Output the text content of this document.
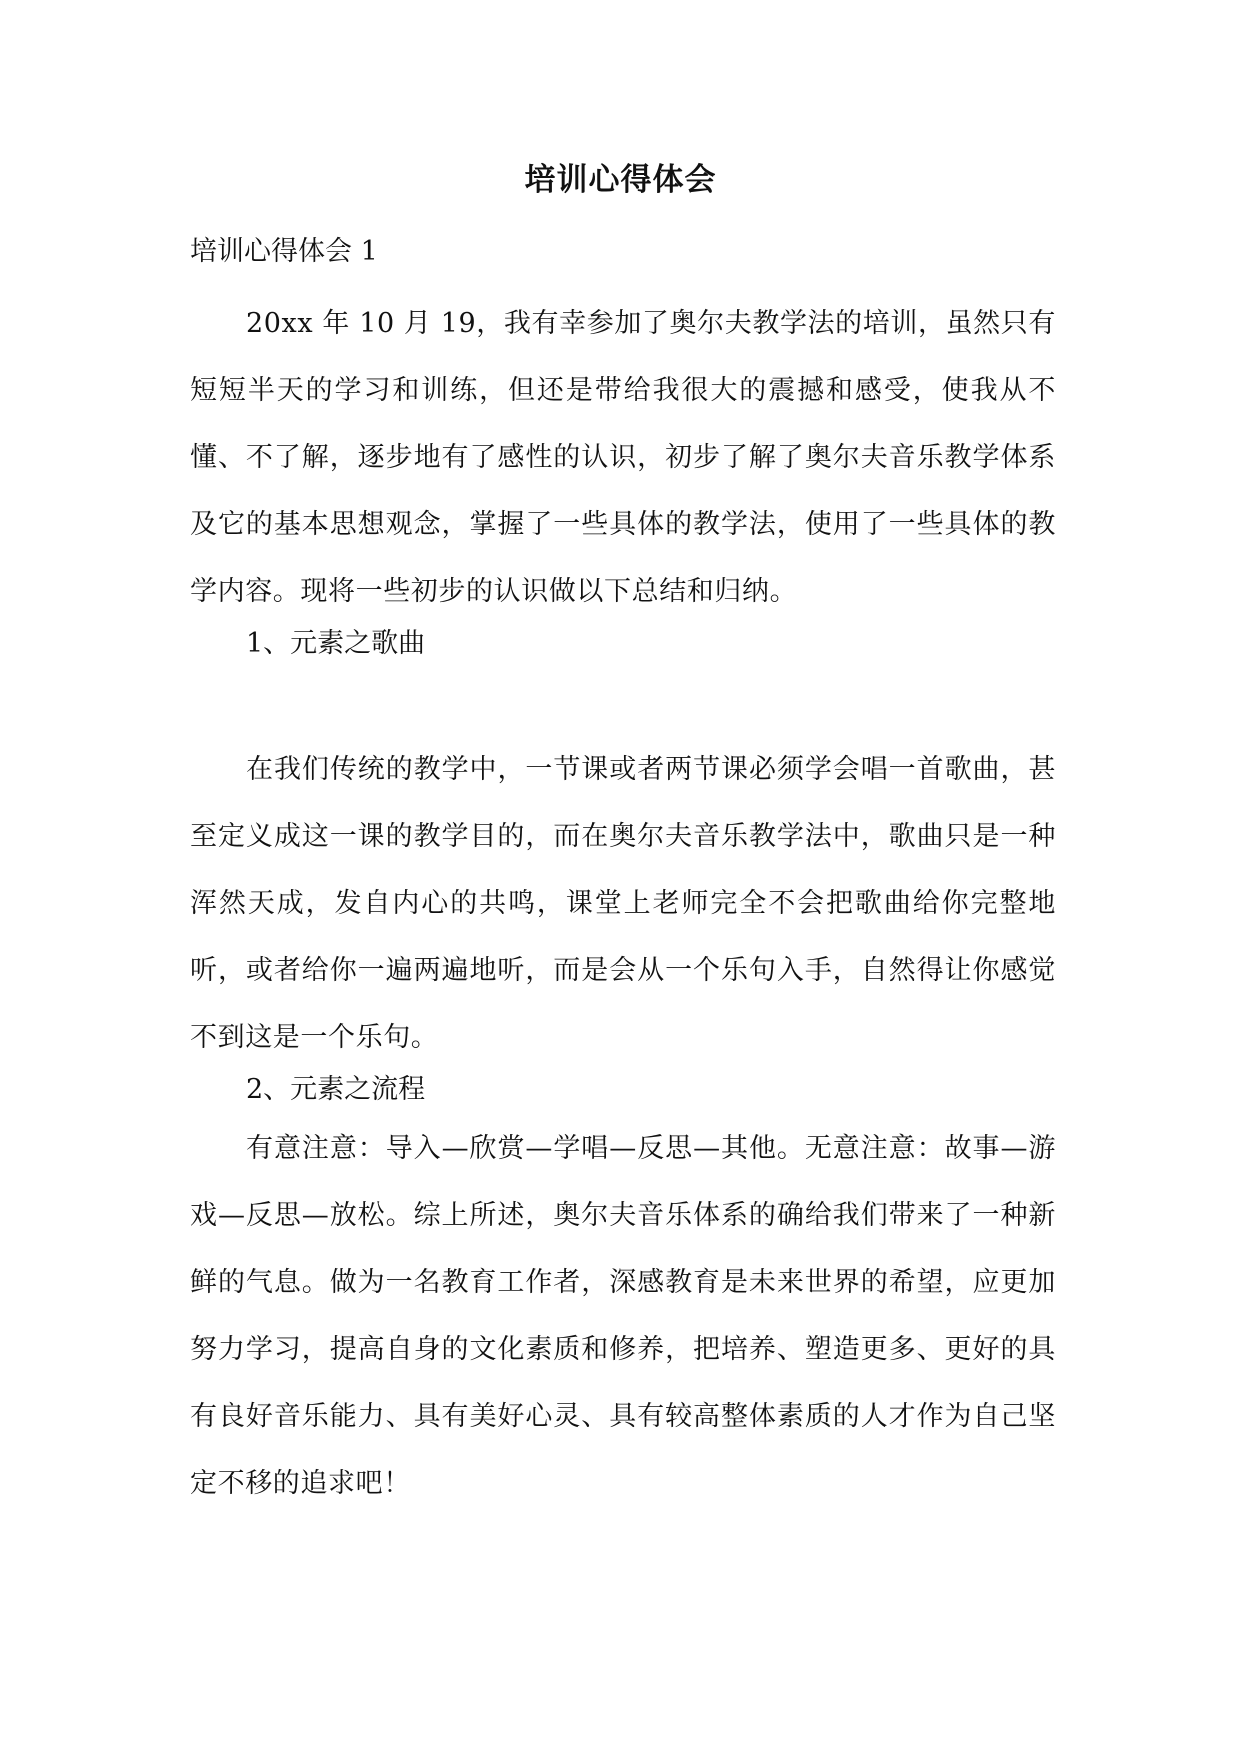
培训心得体会
培训心得体会 1

20xx 年 10 月 19，我有幸参加了奥尔夫教学法的培训，虽然只有短短半天的学习和训练，但还是带给我很大的震撼和感受，使我从不懂、不了解，逐步地有了感性的认识，初步了解了奥尔夫音乐教学体系及它的基本思想观念，掌握了一些具体的教学法，使用了一些具体的教学内容。现将一些初步的认识做以下总结和归纳。

1、元素之歌曲

在我们传统的教学中，一节课或者两节课必须学会唱一首歌曲，甚至定义成这一课的教学目的，而在奥尔夫音乐教学法中，歌曲只是一种浑然天成，发自内心的共鸣，课堂上老师完全不会把歌曲给你完整地听，或者给你一遍两遍地听，而是会从一个乐句入手，自然得让你感觉不到这是一个乐句。

2、元素之流程

有意注意：导入—欣赏—学唱—反思—其他。无意注意：故事—游戏—反思—放松。综上所述，奥尔夫音乐体系的确给我们带来了一种新鲜的气息。做为一名教育工作者，深感教育是未来世界的希望，应更加努力学习，提高自身的文化素质和修养，把培养、塑造更多、更好的具有良好音乐能力、具有美好心灵、具有较高整体素质的人才作为自己坚定不移的追求吧！
